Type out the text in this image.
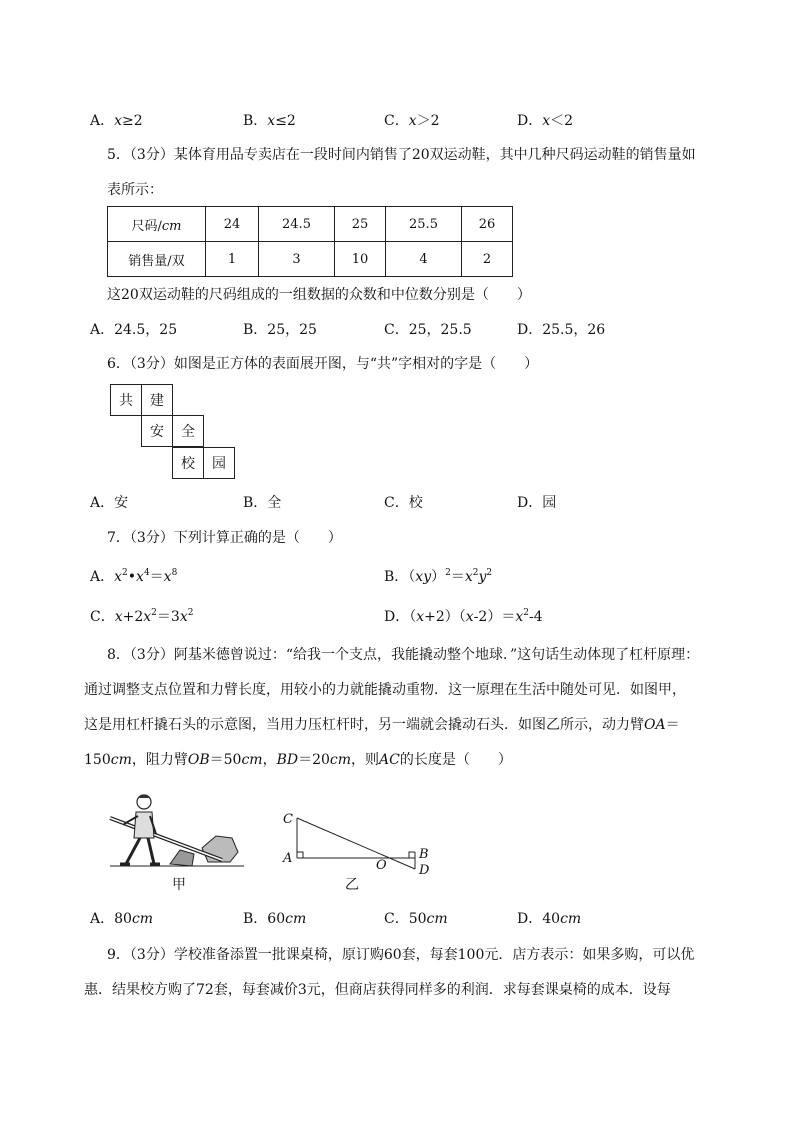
A．x≥2	B．x≤2	C．x＞2	D．x＜2
5．（3分）某体育用品专卖店在一段时间内销售了20双运动鞋，其中几种尺码运动鞋的销售量如
表所示：
尺码/cm	24	24.5	25	25.5	26
销售量/双	1	3	10	4	2
这20双运动鞋的尺码组成的一组数据的众数和中位数分别是（　　）
A．24.5，25	B．25，25	C．25，25.5	D．25.5，26
6．（3分）如图是正方体的表面展开图，与“共”字相对的字是（　　）
共	建
安	全
校	园
A．安	B．全	C．校	D．园
7．（3分）下列计算正确的是（　　）
A．$x^2•x^4=x^8$	B．$(xy)^2=x^2y^2$
C．$x+2x^2=3x^2$	D．$(x+2)(x-2)=x^2-4$
8．（3分）阿基米德曾说过：“给我一个支点，我能撬动整个地球．”这句话生动体现了杠杆原理：
通过调整支点位置和力臂长度，用较小的力就能撬动重物．这一原理在生活中随处可见．如图甲，
这是用杠杆撬石头的示意图，当用力压杠杆时，另一端就会撬动石头．如图乙所示，动力臂OA＝
150cm，阻力臂OB＝50cm，BD＝20cm，则AC的长度是（　　）
甲
C
A	O
B
D
乙
A．80cm	B．60cm	C．50cm	D．40cm
9．（3分）学校准备添置一批课桌椅，原订购60套，每套100元．店方表示：如果多购，可以优
惠．结果校方购了72套，每套减价3元，但商店获得同样多的利润．求每套课桌椅的成本．设每
